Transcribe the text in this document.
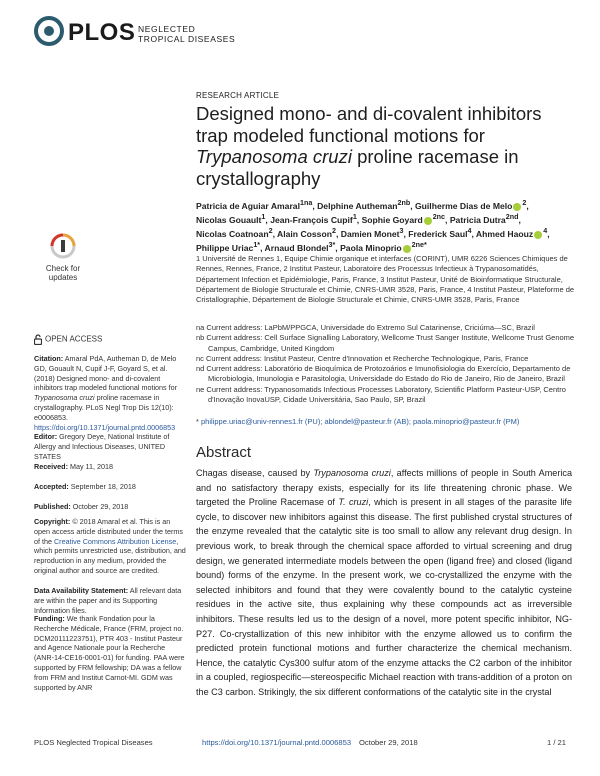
PLOS NEGLECTED
TROPICAL DISEASES
RESEARCH ARTICLE
Designed mono- and di-covalent inhibitors
trap modeled functional motions for
Trypanosoma cruzi proline racemase in
crystallography
Patricia de Aguiar Amaral$^{1na}$, Delphine Autheman$^{2nb}$, Guilherme Dias de Melo $^2$,
Nicolas Gouault$^1$, Jean-François Cupif$^1$, Sophie Goyard $^{2nc}$, Patricia Dutra$^{2nd}$,
Nicolas Coatnoan$^2$, Alain Cosson$^2$, Damien Monet$^3$, Frederick Saul$^4$, Ahmed Haouz $^4$,
Philippe Uriac$^{1*}$, Arnaud Blondel$^{3*}$, Paola Minoprio $^{2ne*}$
1 Université de Rennes 1, Equipe Chimie organique et interfaces (CORINT), UMR 6226 Sciences Chimiques de Rennes, Rennes, France, 2 Institut Pasteur, Laboratoire des Processus Infectieux à Trypanosomatidés, Département Infection et Epidémiologie, Paris, France, 3 Institut Pasteur, Unité de Bioinformatique Structurale, Département de Biologie Structurale et Chimie, CNRS-UMR 3528, Paris, France, 4 Institut Pasteur, Plateforme de Cristallographie, Département de Biologie Structurale et Chimie, CNRS-UMR 3528, Paris, France
na Current address: LaPbM/PPGCA, Universidade do Extremo Sul Catarinense, Criciúma—SC, Brazil
nb Current address: Cell Surface Signalling Laboratory, Wellcome Trust Sanger Institute, Wellcome Trust Genome Campus, Cambridge, United Kingdom
nc Current address: Institut Pasteur, Centre d'Innovation et Recherche Technologique, Paris, France
nd Current address: Laboratório de Bioquímica de Protozoários e Imunofisiologia do Exercício, Departamento de Microbiologia, Imunologia e Parasitologia, Universidade do Estado do Rio de Janeiro, Rio de Janeiro, Brazil
ne Current address: Trypanosomatids Infectious Processes Laboratory, Scientific Platform Pasteur-USP, Centro d'Inovação InovaUSP, Cidade Universitária, Sao Paulo, SP, Brazil
* philippe.uriac@univ-rennes1.fr (PU); ablondel@pasteur.fr (AB); paola.minoprio@pasteur.fr (PM)
Abstract
Chagas disease, caused by Trypanosoma cruzi, affects millions of people in South America and no satisfactory therapy exists, especially for its life threatening chronic phase. We targeted the Proline Racemase of T. cruzi, which is present in all stages of the parasite life cycle, to discover new inhibitors against this disease. The first published crystal structures of the enzyme revealed that the catalytic site is too small to allow any relevant drug design. In previous work, to break through the chemical space afforded to virtual screening and drug design, we generated intermediate models between the open (ligand free) and closed (ligand bound) forms of the enzyme. In the present work, we co-crystallized the enzyme with the selected inhibitors and found that they were covalently bound to the catalytic cysteine residues in the active site, thus explaining why these compounds act as irreversible inhibitors. These results led us to the design of a novel, more potent specific inhibitor, NG-P27. Co-crystallization of this new inhibitor with the enzyme allowed us to confirm the predicted protein functional motions and further characterize the chemical mechanism. Hence, the catalytic Cys300 sulfur atom of the enzyme attacks the C2 carbon of the inhibitor in a coupled, regiospecific—stereospecific Michael reaction with trans-addition of a proton on the C3 carbon. Strikingly, the six different conformations of the catalytic site in the crystal
Check for
updates
OPEN ACCESS
Citation: Amaral PdA, Autheman D, de Melo GD, Gouault N, Cupif J-F, Goyard S, et al. (2018) Designed mono- and di-covalent inhibitors trap modeled functional motions for Trypanosoma cruzi proline racemase in crystallography. PLoS Negl Trop Dis 12(10): e0006853. https://doi.org/10.1371/journal.pntd.0006853
Editor: Gregory Deye, National Institute of Allergy and Infectious Diseases, UNITED STATES
Received: May 11, 2018
Accepted: September 18, 2018
Published: October 29, 2018
Copyright: © 2018 Amaral et al. This is an open access article distributed under the terms of the Creative Commons Attribution License, which permits unrestricted use, distribution, and reproduction in any medium, provided the original author and source are credited.
Data Availability Statement: All relevant data are within the paper and its Supporting Information files.
Funding: We thank Fondation pour la Recherche Médicale, France (FRM, project no. DCM20111223751), PTR 403 - Institut Pasteur and Agence Nationale pour la Recherche (ANR-14-CE16-0001-01) for funding. PAA were supported by FRM fellowship; DA was a fellow from FRM and Institut Carnot-MI. GDM was supported by ANR
PLOS Neglected Tropical Diseases	https://doi.org/10.1371/journal.pntd.0006853 October 29, 2018	1 / 21
